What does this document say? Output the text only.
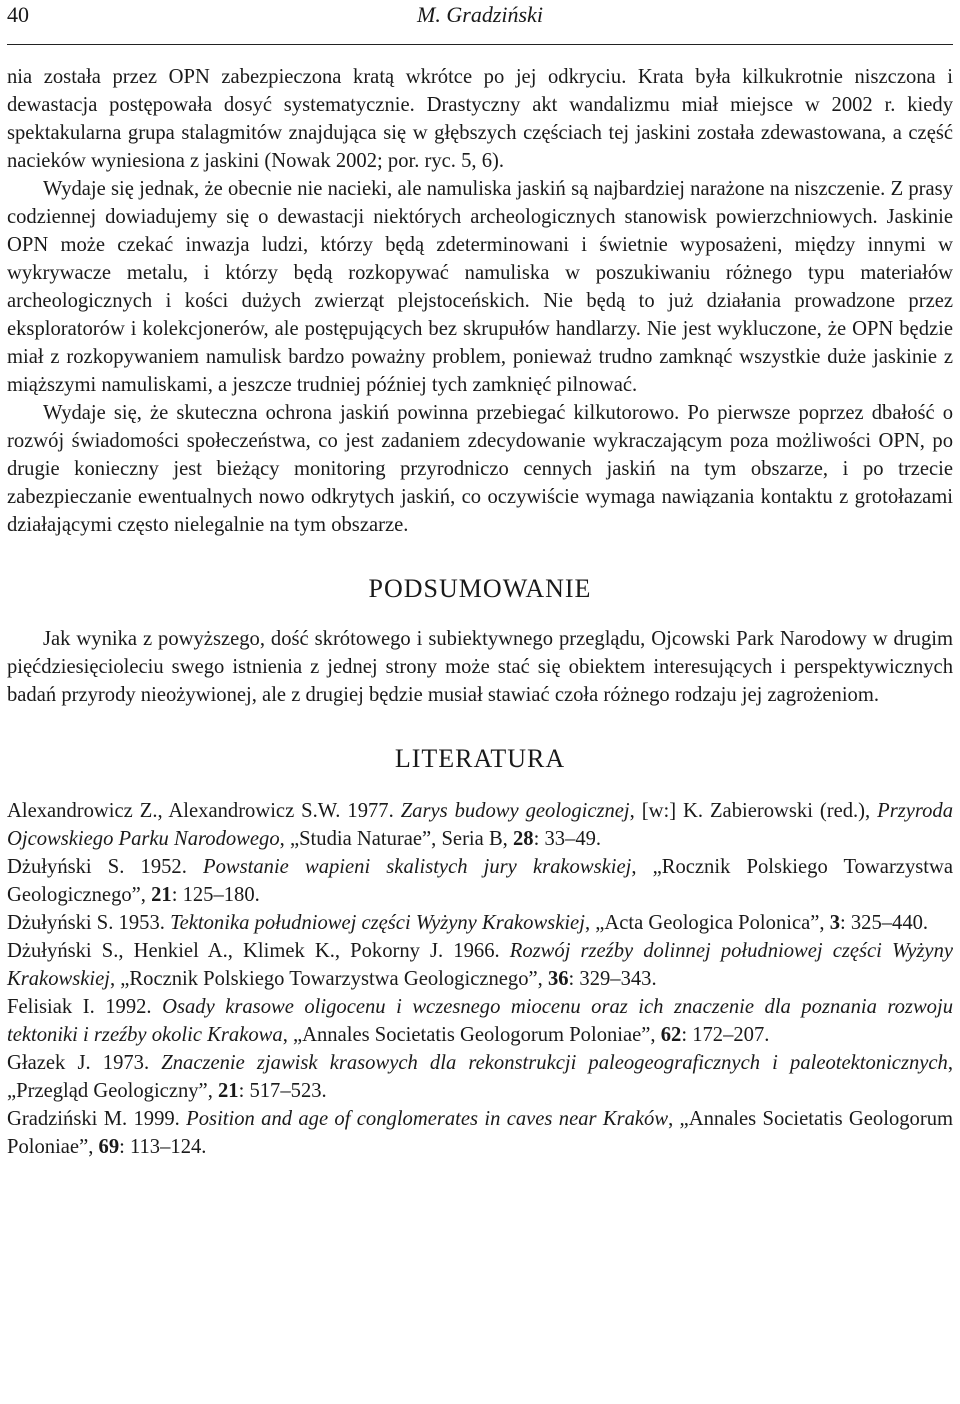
40	M. Gradziński

nia została przez OPN zabezpieczona kratą wkrótce po jej odkryciu. Krata była kilkukrotnie niszczona i dewastacja postępowała dosyć systematycznie. Drastyczny akt wandalizmu miał miejsce w 2002 r. kiedy spektakularna grupa stalagmitów znajdująca się w głębszych częściach tej jaskini została zdewastowana, a część nacieków wyniesiona z jaskini (Nowak 2002; por. ryc. 5, 6).

Wydaje się jednak, że obecnie nie nacieki, ale namuliska jaskiń są najbardziej narażone na niszczenie. Z prasy codziennej dowiadujemy się o dewastacji niektórych archeologicznych stanowisk powierzchniowych. Jaskinie OPN może czekać inwazja ludzi, którzy będą zdeterminowani i świetnie wyposażeni, między innymi w wykrywacze metalu, i którzy będą rozkopywać namuliska w poszukiwaniu różnego typu materiałów archeologicznych i kości dużych zwierząt plejstoceńskich. Nie będą to już działania prowadzone przez eksploratorów i kolekcjonerów, ale postępujących bez skrupułów handlarzy. Nie jest wykluczone, że OPN będzie miał z rozkopywaniem namulisk bardzo poważny problem, ponieważ trudno zamknąć wszystkie duże jaskinie z miąższymi namuliskami, a jeszcze trudniej później tych zamknięć pilnować.

Wydaje się, że skuteczna ochrona jaskiń powinna przebiegać kilkutorowo. Po pierwsze poprzez dbałość o rozwój świadomości społeczeństwa, co jest zadaniem zdecydowanie wykraczającym poza możliwości OPN, po drugie konieczny jest bieżący monitoring przyrodniczo cennych jaskiń na tym obszarze, i po trzecie zabezpieczanie ewentualnych nowo odkrytych jaskiń, co oczywiście wymaga nawiązania kontaktu z grotołazami działającymi często nielegalnie na tym obszarze.

PODSUMOWANIE

Jak wynika z powyższego, dość skrótowego i subiektywnego przeglądu, Ojcowski Park Narodowy w drugim pięćdziesięcioleciu swego istnienia z jednej strony może stać się obiektem interesujących i perspektywicznych badań przyrody nieożywionej, ale z drugiej będzie musiał stawiać czoła różnego rodzaju jej zagrożeniom.

LITERATURA

Alexandrowicz Z., Alexandrowicz S.W. 1977. Zarys budowy geologicznej, [w:] K. Zabierowski (red.), Przyroda Ojcowskiego Parku Narodowego, „Studia Naturae”, Seria B, 28: 33–49.

Dżułyński S. 1952. Powstanie wapieni skalistych jury krakowskiej, „Rocznik Polskiego Towarzystwa Geologicznego”, 21: 125–180.

Dżułyński S. 1953. Tektonika południowej części Wyżyny Krakowskiej, „Acta Geologica Polonica”, 3: 325–440.

Dżułyński S., Henkiel A., Klimek K., Pokorny J. 1966. Rozwój rzeźby dolinnej południowej części Wyżyny Krakowskiej, „Rocznik Polskiego Towarzystwa Geologicznego”, 36: 329–343.

Felisiak I. 1992. Osady krasowe oligocenu i wczesnego miocenu oraz ich znaczenie dla poznania rozwoju tektoniki i rzeźby okolic Krakowa, „Annales Societatis Geologorum Poloniae”, 62: 172–207.

Głazek J. 1973. Znaczenie zjawisk krasowych dla rekonstrukcji paleogeograficznych i paleotektonicznych, „Przegląd Geologiczny”, 21: 517–523.

Gradziński M. 1999. Position and age of conglomerates in caves near Kraków, „Annales Societatis Geologorum Poloniae”, 69: 113–124.
